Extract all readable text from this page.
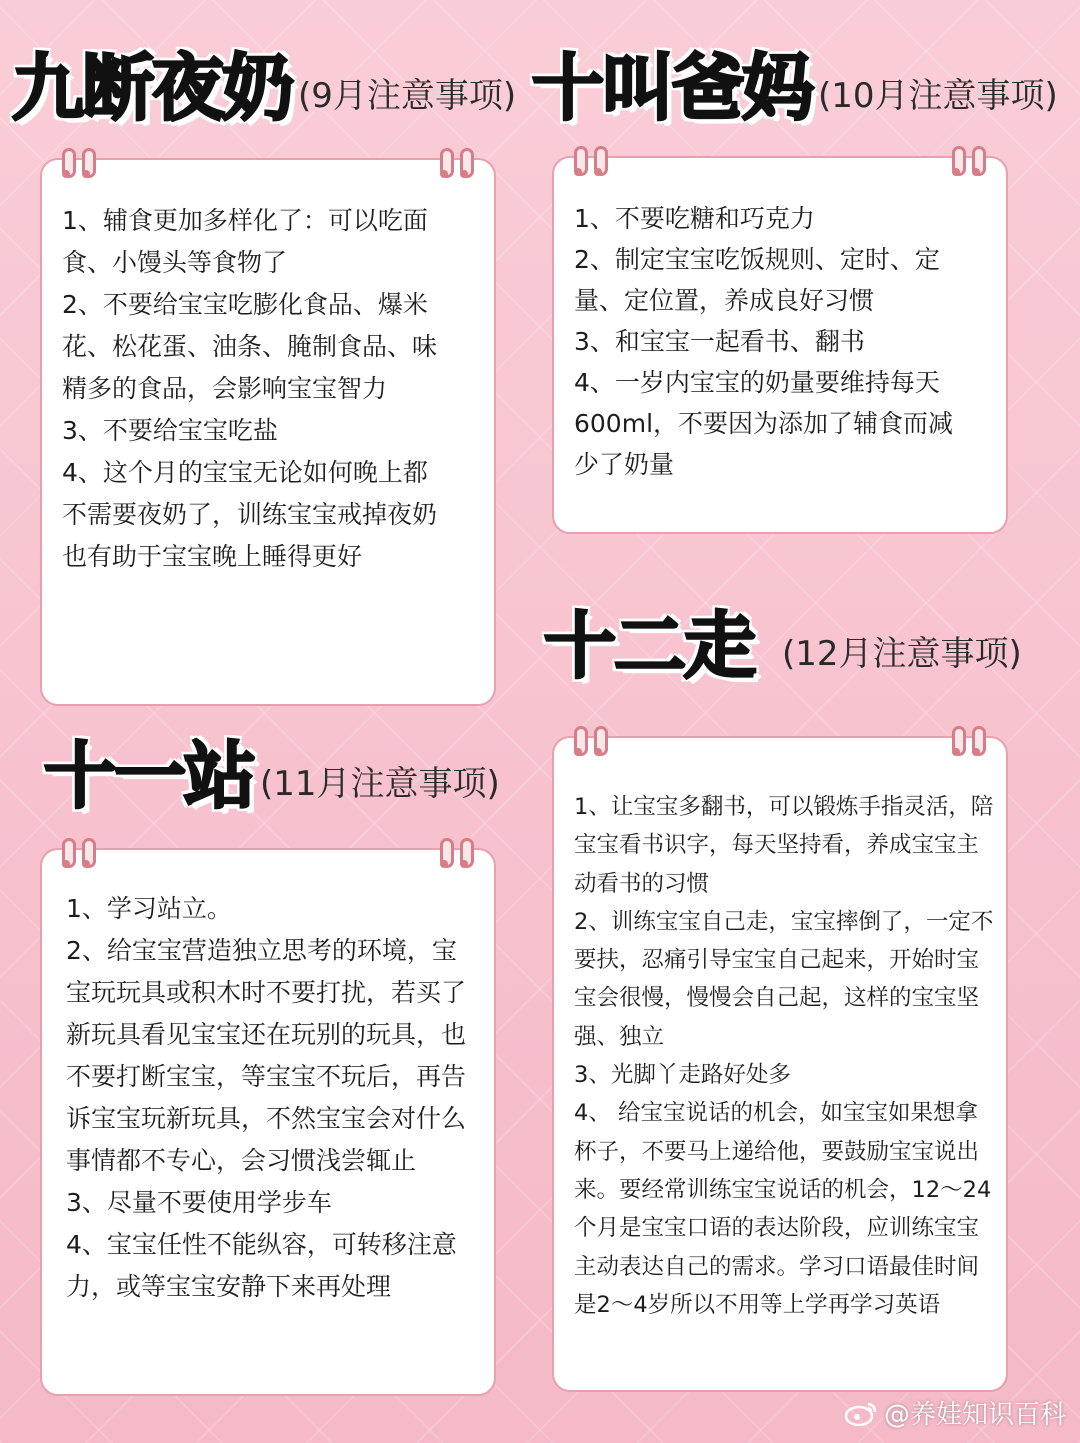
九断夜奶 (9月注意事项)
1、辅食更加多样化了：可以吃面食、小馒头等食物了
2、不要给宝宝吃膨化食品、爆米花、松花蛋、油条、腌制食品、味精多的食品，会影响宝宝智力
3、不要给宝宝吃盐
4、这个月的宝宝无论如何晚上都不需要夜奶了，训练宝宝戒掉夜奶也有助于宝宝晚上睡得更好
十叫爸妈 (10月注意事项)
1、不要吃糖和巧克力
2、制定宝宝吃饭规则、定时、定量、定位置，养成良好习惯
3、和宝宝一起看书、翻书
4、一岁内宝宝的奶量要维持每天600ml，不要因为添加了辅食而减少了奶量
十一站 (11月注意事项)
1、学习站立。
2、给宝宝营造独立思考的环境，宝宝玩玩具或积木时不要打扰，若买了新玩具看见宝宝还在玩别的玩具，也不要打断宝宝，等宝宝不玩后，再告诉宝宝玩新玩具，不然宝宝会对什么事情都不专心，会习惯浅尝辄止
3、尽量不要使用学步车
4、宝宝任性不能纵容，可转移注意力，或等宝宝安静下来再处理
十二走 (12月注意事项)
1、让宝宝多翻书，可以锻炼手指灵活，陪宝宝看书识字，每天坚持看，养成宝宝主动看书的习惯
2、训练宝宝自己走，宝宝摔倒了，一定不要扶，忍痛引导宝宝自己起来，开始时宝宝会很慢，慢慢会自己起，这样的宝宝坚强、独立
3、光脚丫走路好处多
4、 给宝宝说话的机会，如宝宝如果想拿杯子，不要马上递给他，要鼓励宝宝说出来。要经常训练宝宝说话的机会，12～24个月是宝宝口语的表达阶段，应训练宝宝主动表达自己的需求。学习口语最佳时间是2～4岁所以不用等上学再学习英语
@养娃知识百科
